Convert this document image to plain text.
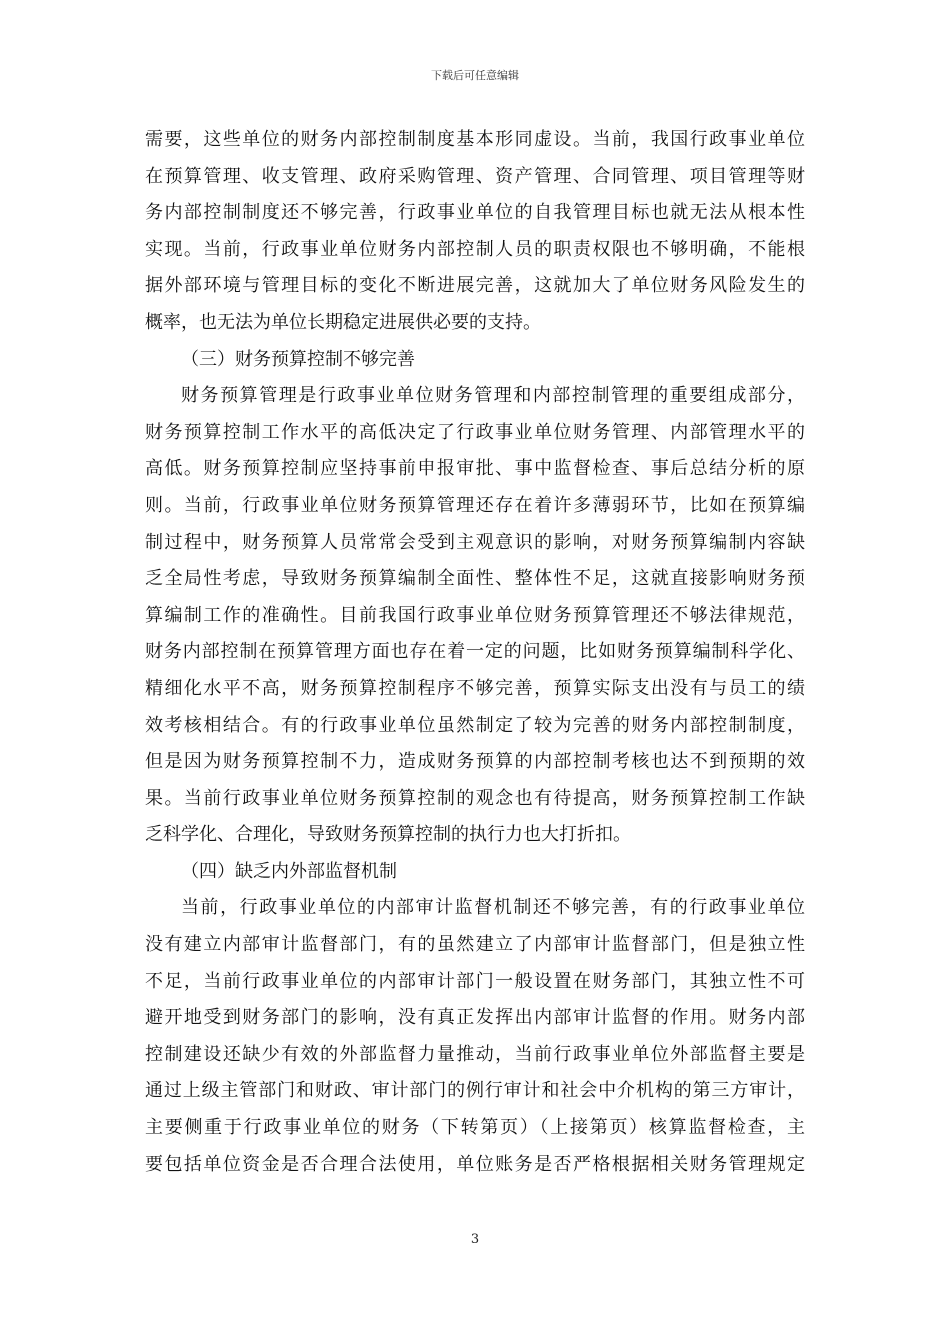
下载后可任意编辑
需要，这些单位的财务内部控制制度基本形同虚设。当前，我国行政事业单位
在预算管理、收支管理、政府采购管理、资产管理、合同管理、项目管理等财
务内部控制制度还不够完善，行政事业单位的自我管理目标也就无法从根本性
实现。当前，行政事业单位财务内部控制人员的职责权限也不够明确，不能根
据外部环境与管理目标的变化不断进展完善，这就加大了单位财务风险发生的
概率，也无法为单位长期稳定进展供必要的支持。
（三）财务预算控制不够完善
财务预算管理是行政事业单位财务管理和内部控制管理的重要组成部分，
财务预算控制工作水平的高低决定了行政事业单位财务管理、内部管理水平的
高低。财务预算控制应坚持事前申报审批、事中监督检查、事后总结分析的原
则。当前，行政事业单位财务预算管理还存在着许多薄弱环节，比如在预算编
制过程中，财务预算人员常常会受到主观意识的影响，对财务预算编制内容缺
乏全局性考虑，导致财务预算编制全面性、整体性不足，这就直接影响财务预
算编制工作的准确性。目前我国行政事业单位财务预算管理还不够法律规范，
财务内部控制在预算管理方面也存在着一定的问题，比如财务预算编制科学化、
精细化水平不高，财务预算控制程序不够完善，预算实际支出没有与员工的绩
效考核相结合。有的行政事业单位虽然制定了较为完善的财务内部控制制度，
但是因为财务预算控制不力，造成财务预算的内部控制考核也达不到预期的效
果。当前行政事业单位财务预算控制的观念也有待提高，财务预算控制工作缺
乏科学化、合理化，导致财务预算控制的执行力也大打折扣。
（四）缺乏内外部监督机制
当前，行政事业单位的内部审计监督机制还不够完善，有的行政事业单位
没有建立内部审计监督部门，有的虽然建立了内部审计监督部门，但是独立性
不足，当前行政事业单位的内部审计部门一般设置在财务部门，其独立性不可
避开地受到财务部门的影响，没有真正发挥出内部审计监督的作用。财务内部
控制建设还缺少有效的外部监督力量推动，当前行政事业单位外部监督主要是
通过上级主管部门和财政、审计部门的例行审计和社会中介机构的第三方审计，
主要侧重于行政事业单位的财务（下转第页）（上接第页）核算监督检查，主
要包括单位资金是否合理合法使用，单位账务是否严格根据相关财务管理规定
3
